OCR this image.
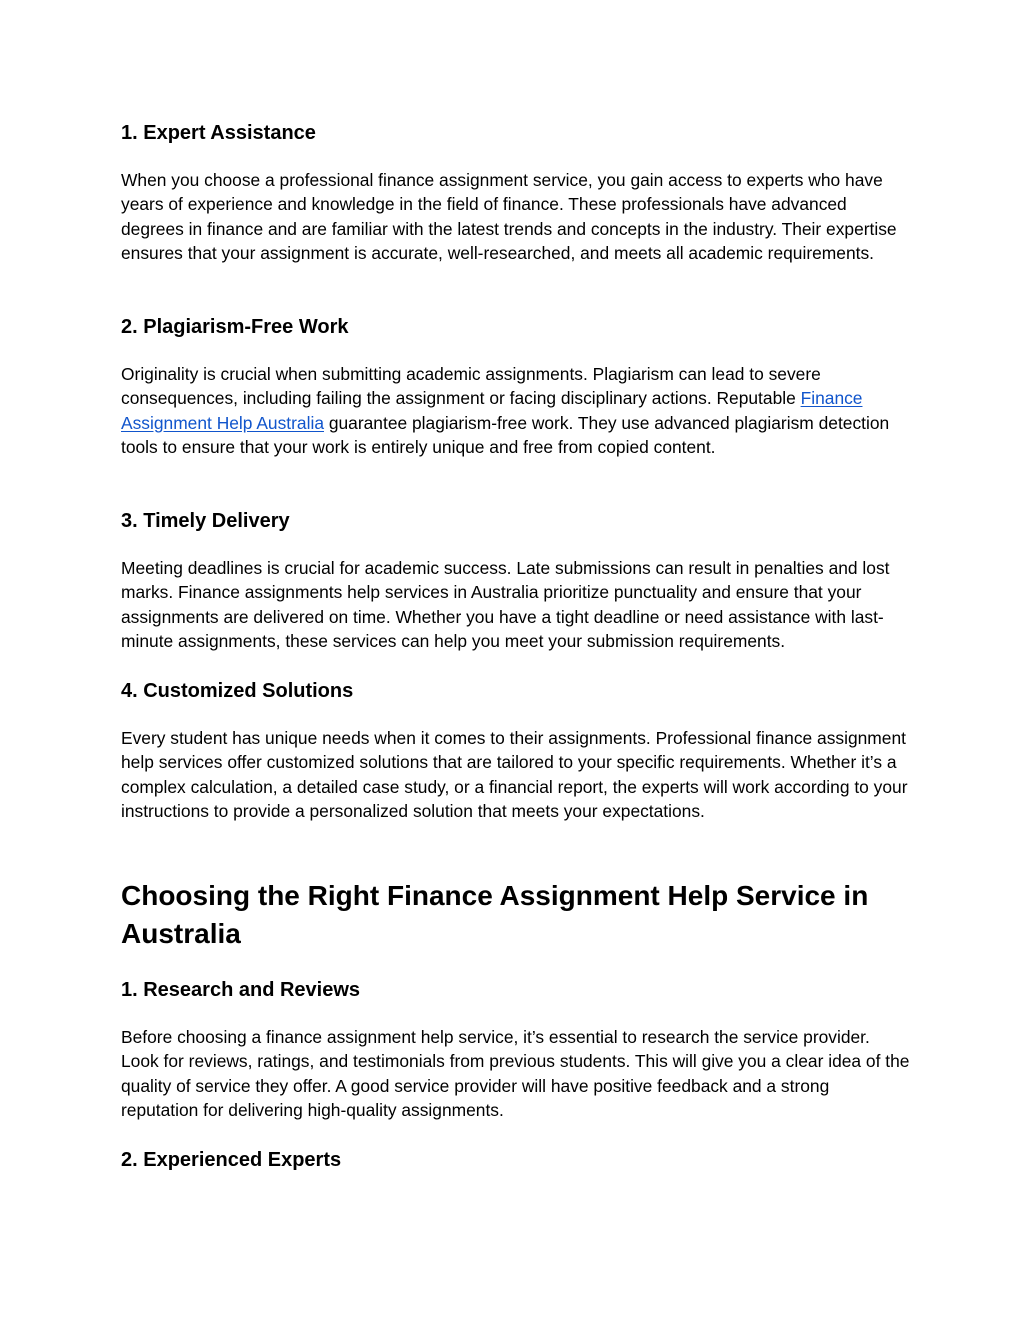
1. Expert Assistance

When you choose a professional finance assignment service, you gain access to experts who have years of experience and knowledge in the field of finance. These professionals have advanced degrees in finance and are familiar with the latest trends and concepts in the industry. Their expertise ensures that your assignment is accurate, well-researched, and meets all academic requirements.

2. Plagiarism-Free Work

Originality is crucial when submitting academic assignments. Plagiarism can lead to severe consequences, including failing the assignment or facing disciplinary actions. Reputable Finance Assignment Help Australia guarantee plagiarism-free work. They use advanced plagiarism detection tools to ensure that your work is entirely unique and free from copied content.

3. Timely Delivery

Meeting deadlines is crucial for academic success. Late submissions can result in penalties and lost marks. Finance assignments help services in Australia prioritize punctuality and ensure that your assignments are delivered on time. Whether you have a tight deadline or need assistance with last-minute assignments, these services can help you meet your submission requirements.

4. Customized Solutions

Every student has unique needs when it comes to their assignments. Professional finance assignment help services offer customized solutions that are tailored to your specific requirements. Whether it’s a complex calculation, a detailed case study, or a financial report, the experts will work according to your instructions to provide a personalized solution that meets your expectations.

Choosing the Right Finance Assignment Help Service in Australia
1. Research and Reviews

Before choosing a finance assignment help service, it’s essential to research the service provider. Look for reviews, ratings, and testimonials from previous students. This will give you a clear idea of the quality of service they offer. A good service provider will have positive feedback and a strong reputation for delivering high-quality assignments.

2. Experienced Experts
